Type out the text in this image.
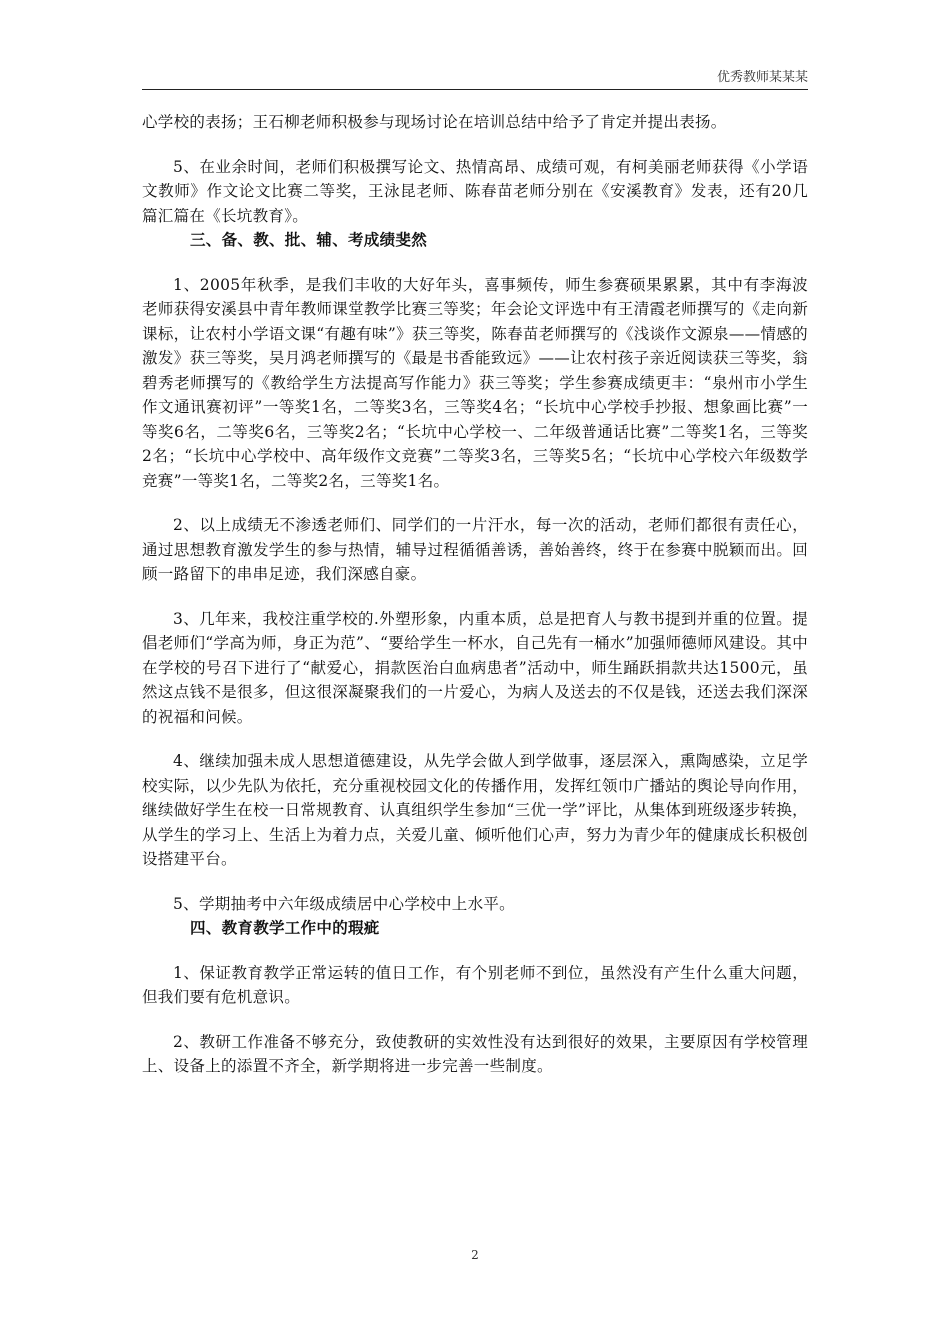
优秀教师某某某

心学校的表扬；王石柳老师积极参与现场讨论在培训总结中给予了肯定并提出表扬。

5、在业余时间，老师们积极撰写论文、热情高昂、成绩可观，有柯美丽老师获得《小学语文教师》作文论文比赛二等奖，王泳昆老师、陈春苗老师分别在《安溪教育》发表，还有20几篇汇篇在《长坑教育》。

三、备、教、批、辅、考成绩斐然

1、2005年秋季，是我们丰收的大好年头，喜事频传，师生参赛硕果累累，其中有李海波老师获得安溪县中青年教师课堂教学比赛三等奖；年会论文评选中有王清霞老师撰写的《走向新课标，让农村小学语文课“有趣有味”》获三等奖，陈春苗老师撰写的《浅谈作文源泉——情感的激发》获三等奖，吴月鸿老师撰写的《最是书香能致远》——让农村孩子亲近阅读获三等奖，翁碧秀老师撰写的《教给学生方法提高写作能力》获三等奖；学生参赛成绩更丰：“泉州市小学生作文通讯赛初评”一等奖1名，二等奖3名，三等奖4名；“长坑中心学校手抄报、想象画比赛”一等奖6名，二等奖6名，三等奖2名；“长坑中心学校一、二年级普通话比赛”二等奖1名，三等奖2名；“长坑中心学校中、高年级作文竞赛”二等奖3名，三等奖5名；“长坑中心学校六年级数学竞赛”一等奖1名，二等奖2名，三等奖1名。

2、以上成绩无不渗透老师们、同学们的一片汗水，每一次的活动，老师们都很有责任心，通过思想教育激发学生的参与热情，辅导过程循循善诱，善始善终，终于在参赛中脱颖而出。回顾一路留下的串串足迹，我们深感自豪。

3、几年来，我校注重学校的.外塑形象，内重本质，总是把育人与教书提到并重的位置。提倡老师们“学高为师，身正为范”、“要给学生一杯水，自己先有一桶水”加强师德师风建设。其中在学校的号召下进行了“献爱心，捐款医治白血病患者”活动中，师生踊跃捐款共达1500元，虽然这点钱不是很多，但这很深凝聚我们的一片爱心，为病人及送去的不仅是钱，还送去我们深深的祝福和问候。

4、继续加强未成人思想道德建设，从先学会做人到学做事，逐层深入，熏陶感染，立足学校实际，以少先队为依托，充分重视校园文化的传播作用，发挥红领巾广播站的舆论导向作用，继续做好学生在校一日常规教育、认真组织学生参加“三优一学”评比，从集体到班级逐步转换，从学生的学习上、生活上为着力点，关爱儿童、倾听他们心声，努力为青少年的健康成长积极创设搭建平台。

5、学期抽考中六年级成绩居中心学校中上水平。

四、教育教学工作中的瑕疵

1、保证教育教学正常运转的值日工作，有个别老师不到位，虽然没有产生什么重大问题，但我们要有危机意识。

2、教研工作准备不够充分，致使教研的实效性没有达到很好的效果，主要原因有学校管理上、设备上的添置不齐全，新学期将进一步完善一些制度。

2
